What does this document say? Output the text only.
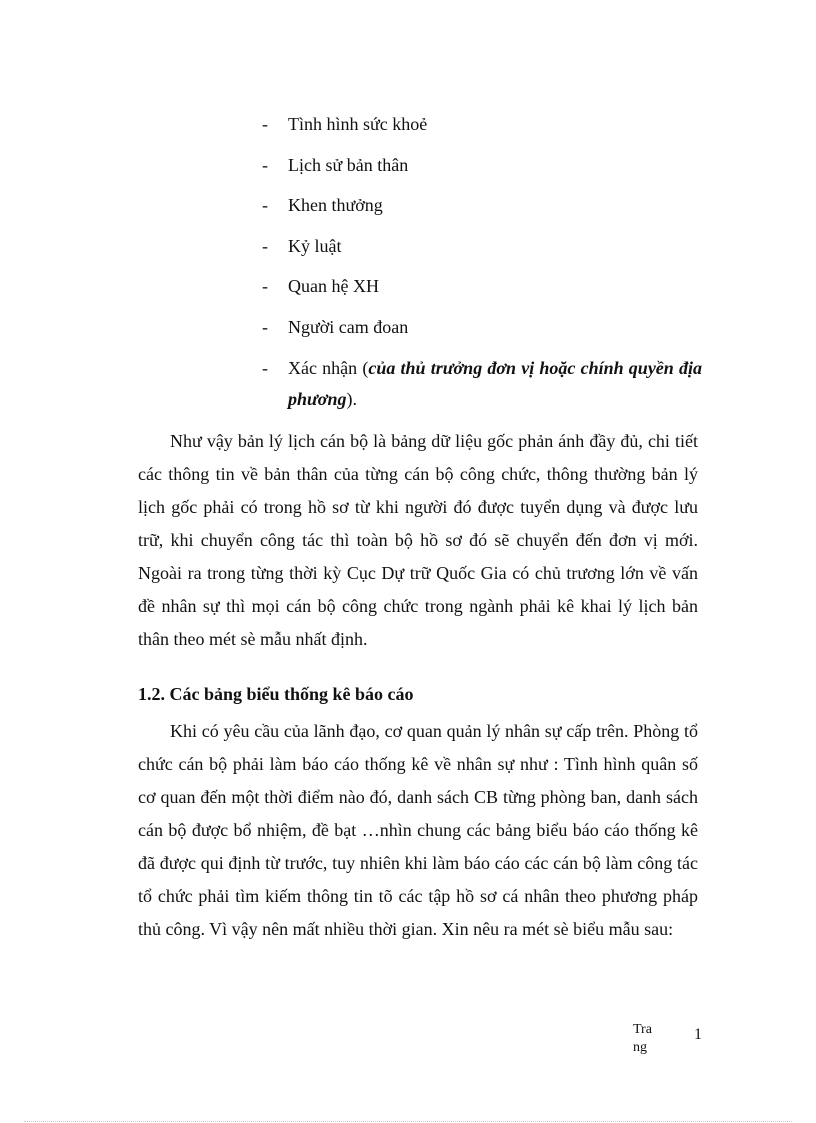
- Tình hình sức khoẻ
- Lịch sử bản thân
- Khen thưởng
- Kỷ luật
- Quan hệ XH
- Người cam đoan
- Xác nhận (của thủ trưởng đơn vị hoặc chính quyền địa phương).

Như vậy bản lý lịch cán bộ là bảng dữ liệu gốc phản ánh đầy đủ, chi tiết các thông tin về bản thân của từng cán bộ công chức, thông thường bản lý lịch gốc phải có trong hồ sơ từ khi người đó được tuyển dụng và được lưu trữ, khi chuyển công tác thì toàn bộ hồ sơ đó sẽ chuyển đến đơn vị mới. Ngoài ra trong từng thời kỳ Cục Dự trữ Quốc Gia có chủ trương lớn về vấn đề nhân sự thì mọi cán bộ công chức trong ngành phải kê khai lý lịch bản thân theo mét sè mẫu nhất định.

1.2. Các bảng biểu thống kê báo cáo

Khi có yêu cầu của lãnh đạo, cơ quan quản lý nhân sự cấp trên. Phòng tổ chức cán bộ phải làm báo cáo thống kê về nhân sự như : Tình hình quân số cơ quan đến một thời điểm nào đó, danh sách CB từng phòng ban, danh sách cán bộ được bổ nhiệm, đề bạt …nhìn chung các bảng biểu báo cáo thống kê đã được qui định từ trước, tuy nhiên khi làm báo cáo các cán bộ làm công tác tổ chức phải tìm kiếm thông tin tõ các tập hồ sơ cá nhân theo phương pháp thủ công. Vì vậy nên mất nhiều thời gian. Xin nêu ra mét sè biểu mẫu sau:

Trang
1
